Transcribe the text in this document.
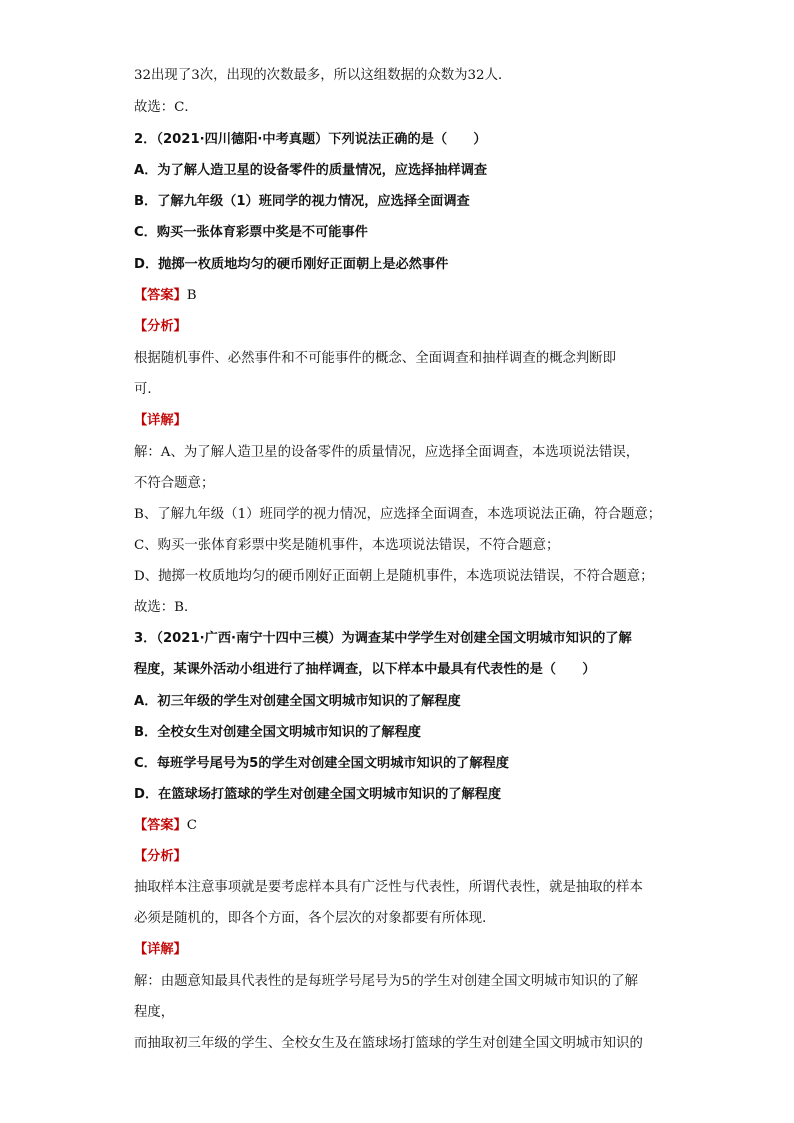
32出现了3次，出现的次数最多，所以这组数据的众数为32人．
故选：C．
2．（2021·四川德阳·中考真题）下列说法正确的是（　　）
A．为了解人造卫星的设备零件的质量情况，应选择抽样调查
B．了解九年级（1）班同学的视力情况，应选择全面调查
C．购买一张体育彩票中奖是不可能事件
D．抛掷一枚质地均匀的硬币刚好正面朝上是必然事件
【答案】B
【分析】
根据随机事件、必然事件和不可能事件的概念、全面调查和抽样调查的概念判断即
可．
【详解】
解：A、为了解人造卫星的设备零件的质量情况，应选择全面调查，本选项说法错误，
不符合题意；
B、了解九年级（1）班同学的视力情况，应选择全面调查，本选项说法正确，符合题意；
C、购买一张体育彩票中奖是随机事件，本选项说法错误，不符合题意；
D、抛掷一枚质地均匀的硬币刚好正面朝上是随机事件，本选项说法错误，不符合题意；
故选：B．
3．（2021·广西·南宁十四中三模）为调查某中学学生对创建全国文明城市知识的了解
程度，某课外活动小组进行了抽样调查，以下样本中最具有代表性的是（　　）
A．初三年级的学生对创建全国文明城市知识的了解程度
B．全校女生对创建全国文明城市知识的了解程度
C．每班学号尾号为5的学生对创建全国文明城市知识的了解程度
D．在篮球场打篮球的学生对创建全国文明城市知识的了解程度
【答案】C
【分析】
抽取样本注意事项就是要考虑样本具有广泛性与代表性，所谓代表性，就是抽取的样本
必须是随机的，即各个方面，各个层次的对象都要有所体现．
【详解】
解：由题意知最具代表性的是每班学号尾号为5的学生对创建全国文明城市知识的了解
程度，
而抽取初三年级的学生、全校女生及在篮球场打篮球的学生对创建全国文明城市知识的
